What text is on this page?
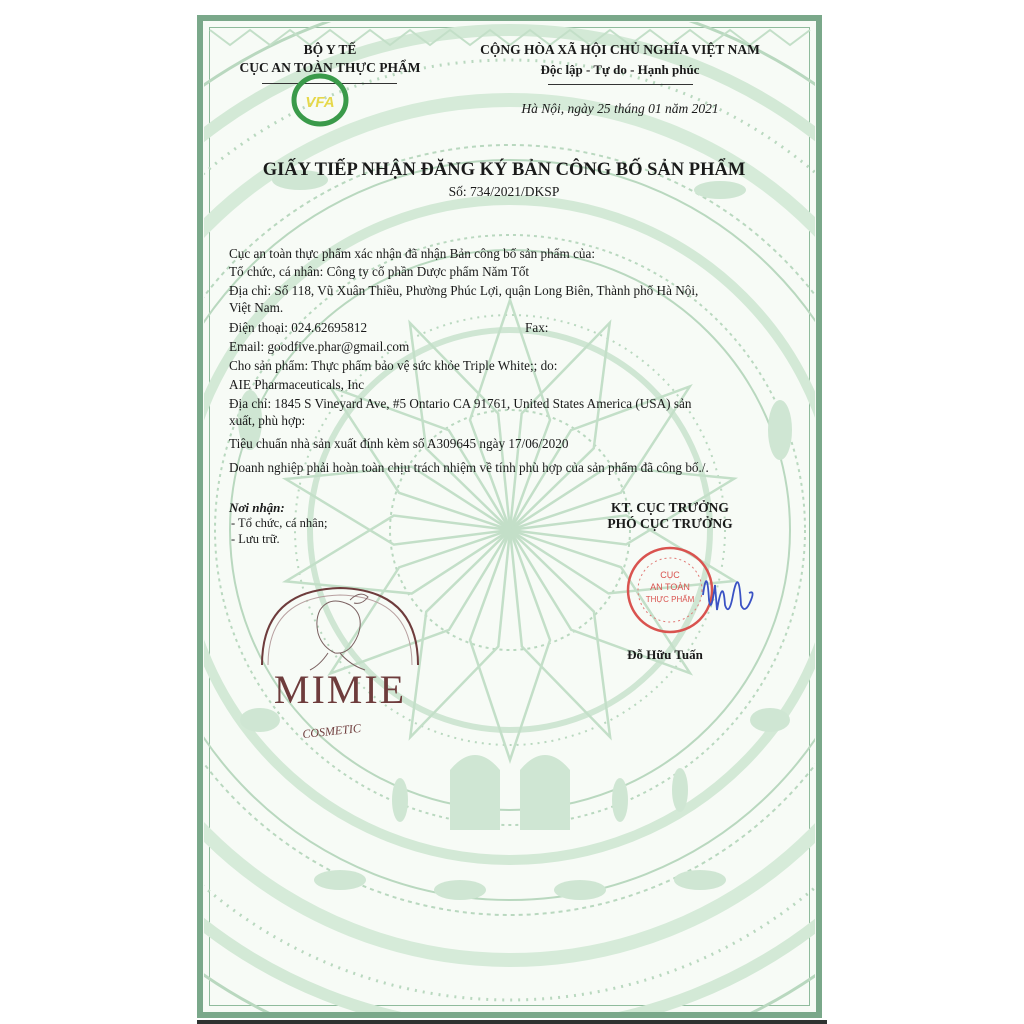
BỘ Y TẾ
CỤC AN TOÀN THỰC PHẨM
VFA
CỘNG HÒA XÃ HỘI CHỦ NGHĨA VIỆT NAM
Độc lập - Tự do - Hạnh phúc
Hà Nội, ngày 25 tháng 01 năm 2021
GIẤY TIẾP NHẬN ĐĂNG KÝ BẢN CÔNG BỐ SẢN PHẨM
Số: 734/2021/DKSP
Cục an toàn thực phẩm xác nhận đã nhận Bản công bố sản phẩm của:
Tổ chức, cá nhân: Công ty cổ phần Dược phẩm Năm Tốt
Địa chỉ: Số 118, Vũ Xuân Thiều, Phường Phúc Lợi, quận Long Biên, Thành phố Hà Nội,
Việt Nam.
Điện thoại: 024.62695812	Fax:
Email: goodfive.phar@gmail.com
Cho sản phẩm: Thực phẩm bảo vệ sức khỏe Triple White;; do:
AIE Pharmaceuticals, Inc
Địa chỉ: 1845 S Vineyard Ave, #5 Ontario CA 91761, United States America (USA) sản
xuất, phù hợp:
Tiêu chuẩn nhà sản xuất đính kèm số A309645 ngày 17/06/2020
Doanh nghiệp phải hoàn toàn chịu trách nhiệm về tính phù hợp của sản phẩm đã công bố./.
Nơi nhận:
- Tổ chức, cá nhân;
- Lưu trữ.
KT. CỤC TRƯỞNG
PHÓ CỤC TRƯỞNG
CỤC
AN TOÀN
THỰC PHẨM
Đỗ Hữu Tuấn
MIMIE
COSMETIC
